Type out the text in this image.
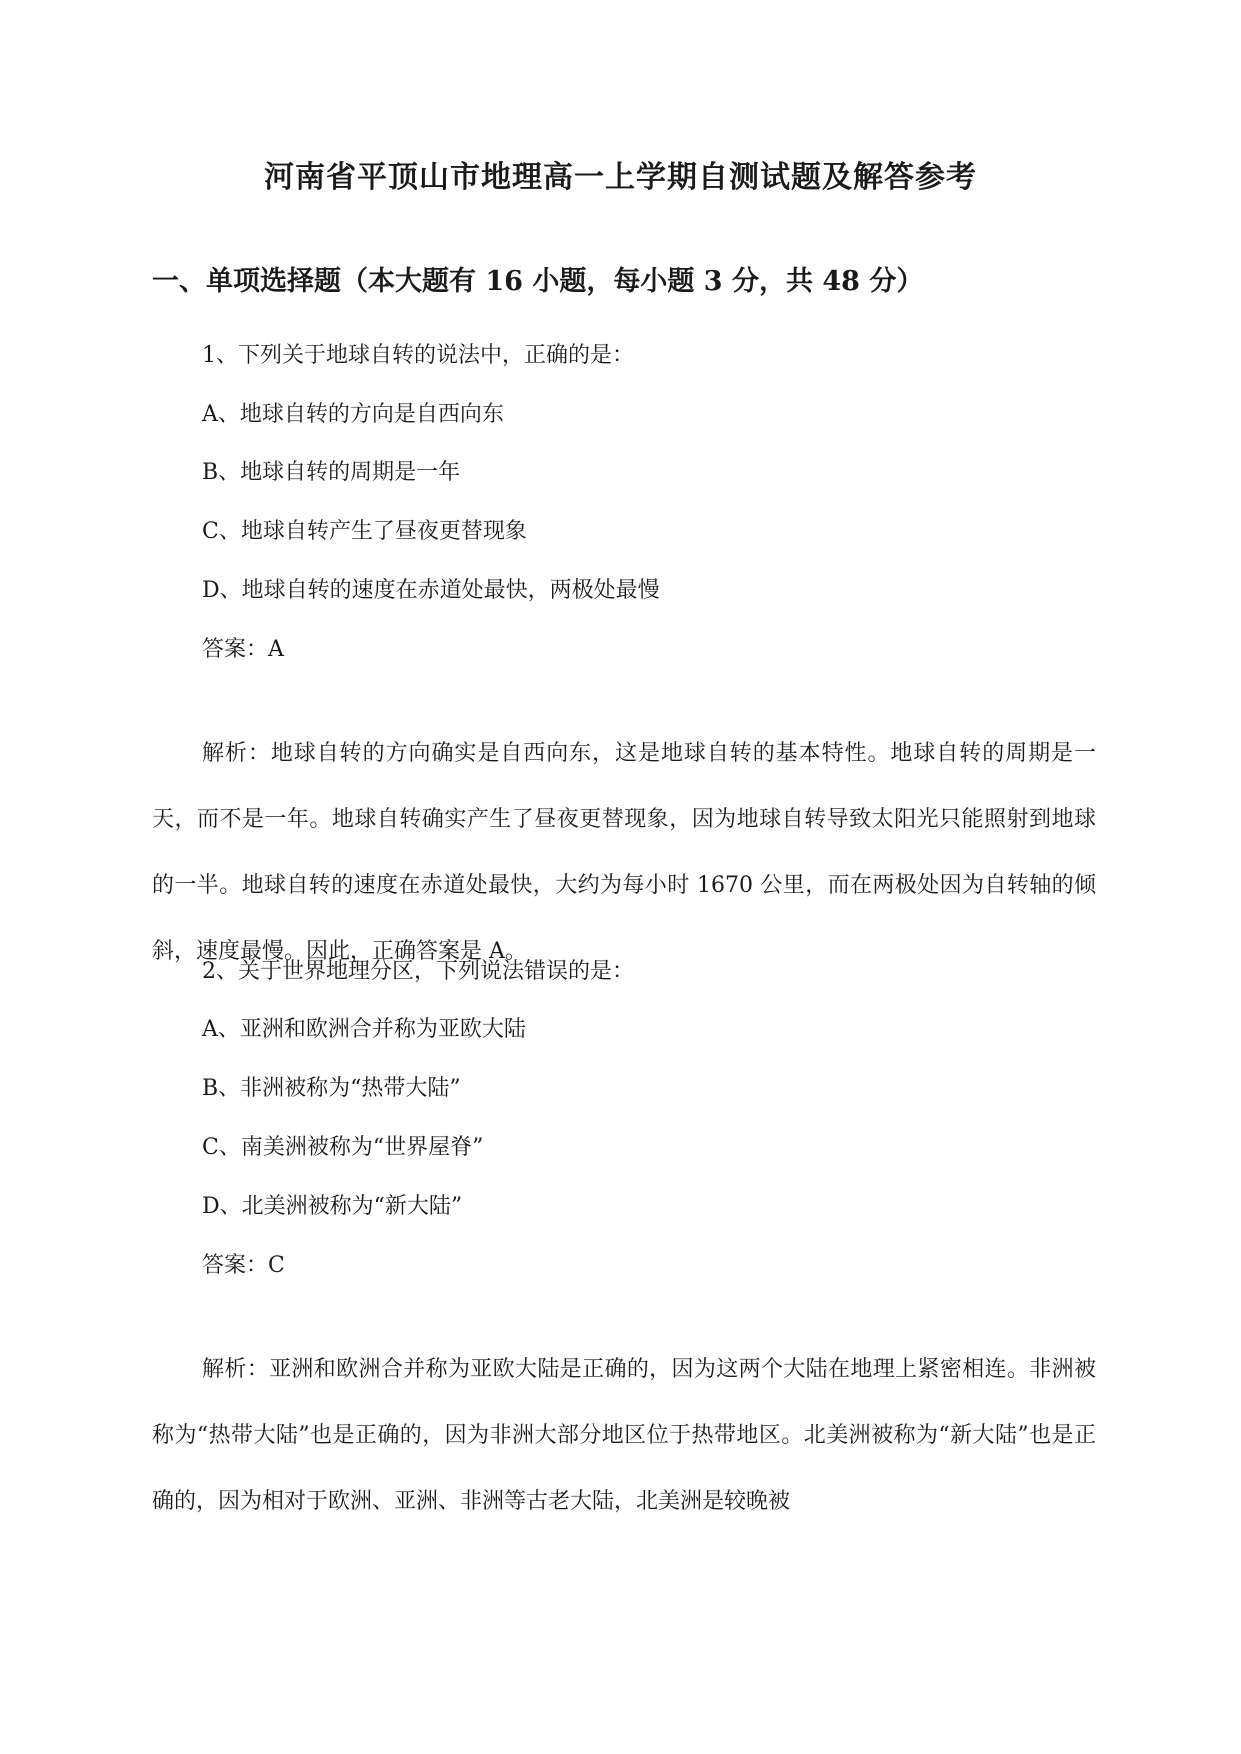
河南省平顶山市地理高一上学期自测试题及解答参考
一、单项选择题（本大题有 16 小题，每小题 3 分，共 48 分）
1、下列关于地球自转的说法中，正确的是：
A、地球自转的方向是自西向东
B、地球自转的周期是一年
C、地球自转产生了昼夜更替现象
D、地球自转的速度在赤道处最快，两极处最慢
答案：A

解析：地球自转的方向确实是自西向东，这是地球自转的基本特性。地球自转的周期是一天，而不是一年。地球自转确实产生了昼夜更替现象，因为地球自转导致太阳光只能照射到地球的一半。地球自转的速度在赤道处最快，大约为每小时 1670 公里，而在两极处因为自转轴的倾斜，速度最慢。因此，正确答案是 A。

2、关于世界地理分区，下列说法错误的是：
A、亚洲和欧洲合并称为亚欧大陆
B、非洲被称为“热带大陆”
C、南美洲被称为“世界屋脊”
D、北美洲被称为“新大陆”
答案：C

解析：亚洲和欧洲合并称为亚欧大陆是正确的，因为这两个大陆在地理上紧密相连。非洲被称为“热带大陆”也是正确的，因为非洲大部分地区位于热带地区。北美洲被称为“新大陆”也是正确的，因为相对于欧洲、亚洲、非洲等古老大陆，北美洲是较晚被
